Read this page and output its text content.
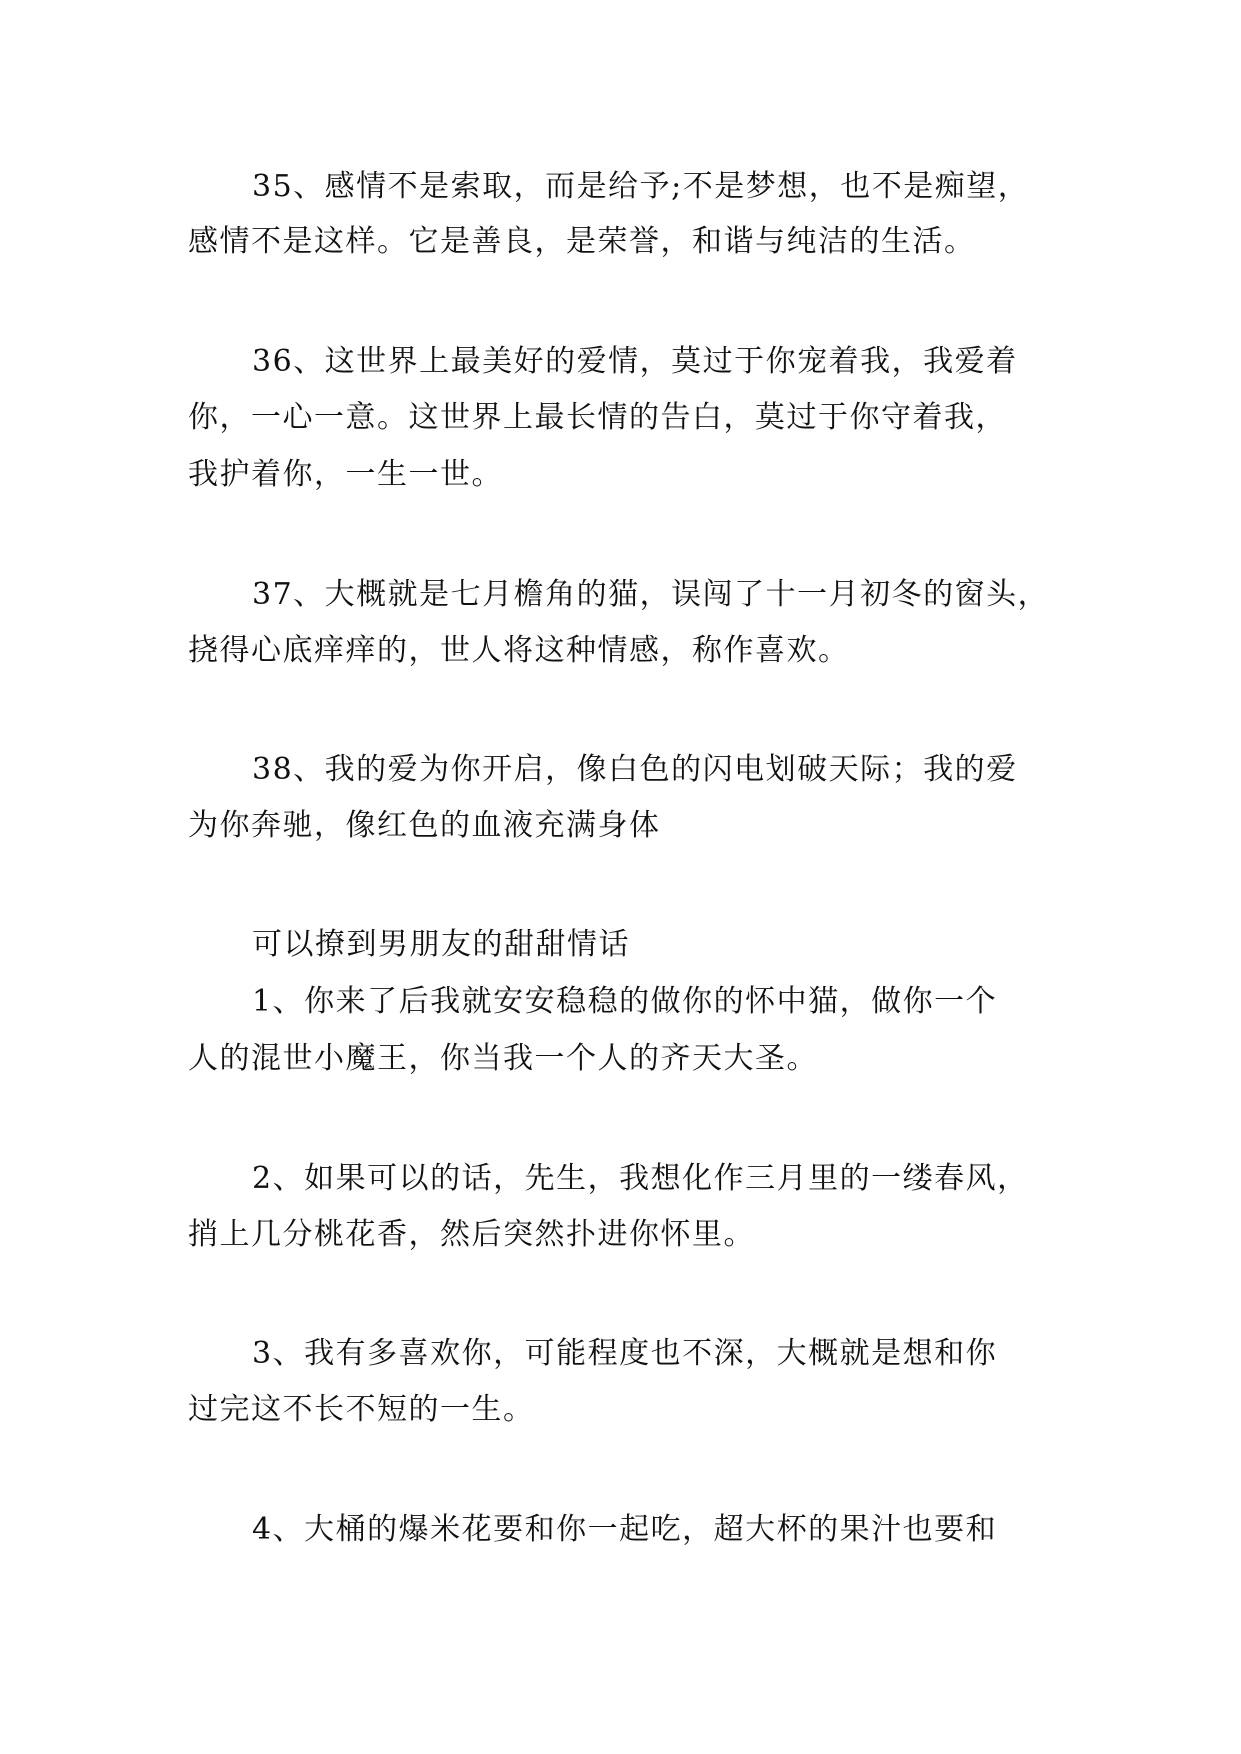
35、感情不是索取，而是给予;不是梦想，也不是痴望，
感情不是这样。它是善良，是荣誉，和谐与纯洁的生活。
36、这世界上最美好的爱情，莫过于你宠着我，我爱着
你，一心一意。这世界上最长情的告白，莫过于你守着我，
我护着你，一生一世。
37、大概就是七月檐角的猫，误闯了十一月初冬的窗头，
挠得心底痒痒的，世人将这种情感，称作喜欢。
38、我的爱为你开启，像白色的闪电划破天际；我的爱
为你奔驰，像红色的血液充满身体
可以撩到男朋友的甜甜情话
1、你来了后我就安安稳稳的做你的怀中猫，做你一个
人的混世小魔王，你当我一个人的齐天大圣。
2、如果可以的话，先生，我想化作三月里的一缕春风，
捎上几分桃花香，然后突然扑进你怀里。
3、我有多喜欢你，可能程度也不深，大概就是想和你
过完这不长不短的一生。
4、大桶的爆米花要和你一起吃，超大杯的果汁也要和
